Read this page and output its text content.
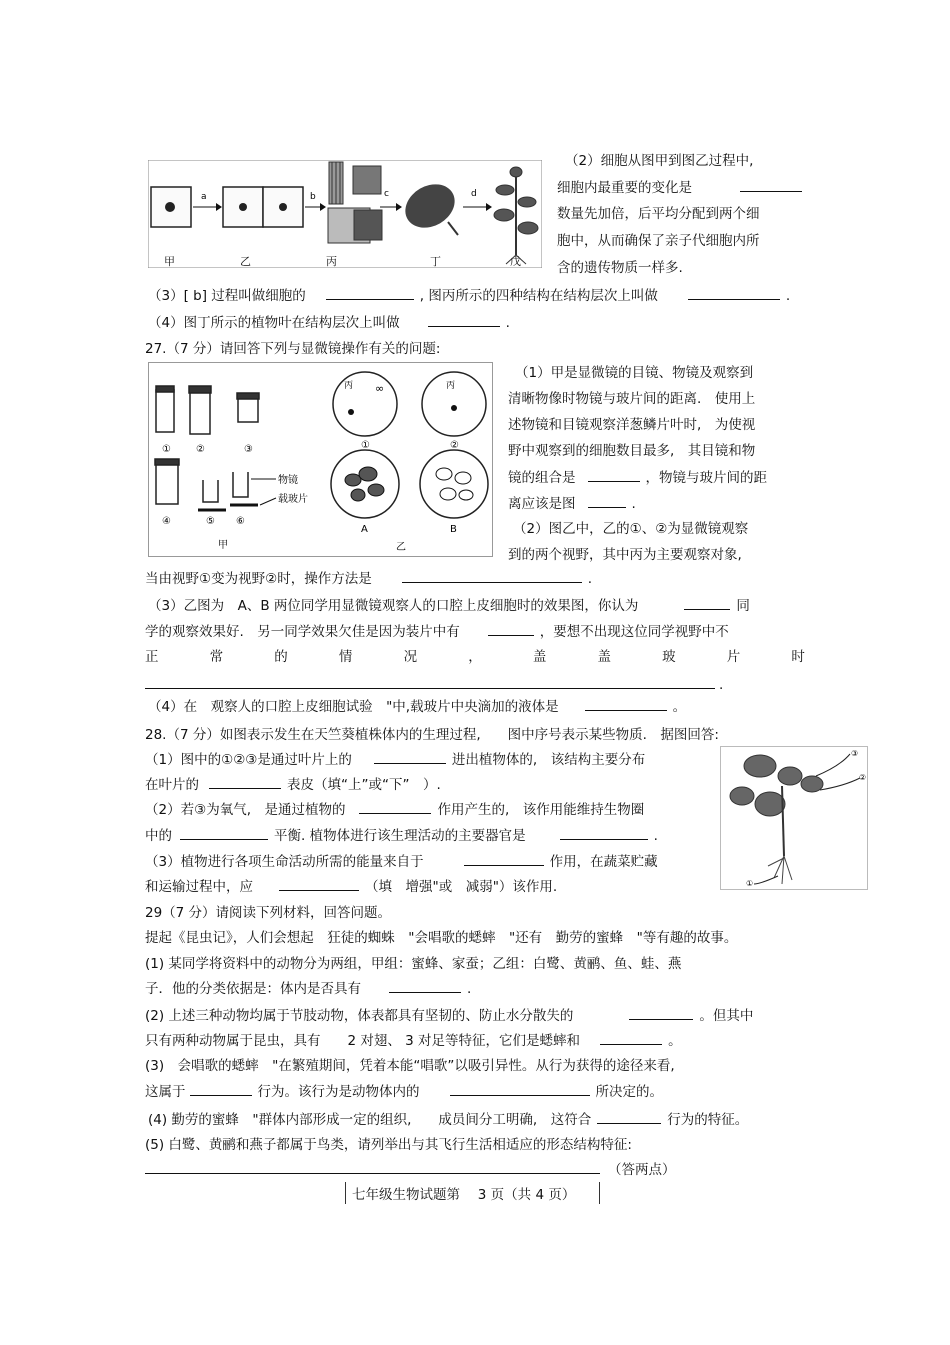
a	b	c	d
甲	乙	丙	丁	戊
（2）细胞从图甲到图乙过程中,
细胞内最重要的变化是
数量先加倍，后平均分配到两个细
胞中，从而确保了亲子代细胞内所
含的遗传物质一样多.
（3）[ b] 过程叫做细胞的	, 图丙所示的四种结构在结构层次上叫做	.
（4）图丁所示的植物叶在结构层次上叫做	.
27.（7 分）请回答下列与显微镜操作有关的问题:
①	②	③
④	⑤ ⑥
物镜
载玻片
甲
丙	丙
∞
①	②
A	B
乙
（1）甲是显微镜的目镜、物镜及观察到
清晰物像时物镜与玻片间的距离.　使用上
述物镜和目镜观察洋葱鳞片叶时,　为使视
野中观察到的细胞数目最多,　其目镜和物
镜的组合是	，物镜与玻片间的距
离应该是图	.
（2）图乙中，乙的①、②为显微镜观察
到的两个视野，其中丙为主要观察对象,
当由视野①变为视野②时，操作方法是	.
（3）乙图为　A、B 两位同学用显微镜观察人的口腔上皮细胞时的效果图，你认为	同
学的观察效果好.　另一同学效果欠佳是因为装片中有	，要想不出现这位同学视野中不
正	常	的	情	况	，	盖	盖	玻	片	时
.
（4）在　观察人的口腔上皮细胞试验　"中,载玻片中央滴加的液体是	。
28.（7 分）如图表示发生在天竺葵植株体内的生理过程,　　图中序号表示某些物质.　据图回答:
（1）图中的①②③是通过叶片上的	进出植物体的,　该结构主要分布
在叶片的	表皮（填“上”或“下”　）.
（2）若③为氧气,　是通过植物的	作用产生的,　该作用能维持生物圈
中的	平衡. 植物体进行该生理活动的主要器官是	.
（3）植物进行各项生命活动所需的能量来自于	作用，在蔬菜贮藏
和运输过程中，应	（填　增强"或　减弱"）该作用.
③
②
①
29（7 分）请阅读下列材料，回答问题。
提起《昆虫记》，人们会想起　狂徒的蜘蛛　"会唱歌的蟋蟀　"还有　勤劳的蜜蜂　"等有趣的故事。
(1) 某同学将资料中的动物分为两组，甲组：蜜蜂、家蚕；乙组：白鹭、黄鹂、鱼、蛙、燕
子．他的分类依据是：体内是否具有	.
(2) 上述三种动物均属于节肢动物，体表都具有坚韧的、防止水分散失的	。但其中
只有两种动物属于昆虫，具有　　2 对翅、 3 对足等特征，它们是蟋蟀和	。
(3)　会唱歌的蟋蟀　"在繁殖期间，凭着本能“唱歌”以吸引异性。从行为获得的途径来看,
这属于	行为。该行为是动物体内的	所决定的。
(4) 勤劳的蜜蜂　"群体内部形成一定的组织,　　成员间分工明确,　这符合	行为的特征。
(5) 白鹭、黄鹂和燕子都属于鸟类，请列举出与其飞行生活相适应的形态结构特征:
（答两点）
七年级生物试题第　 3 页（共 4 页）
